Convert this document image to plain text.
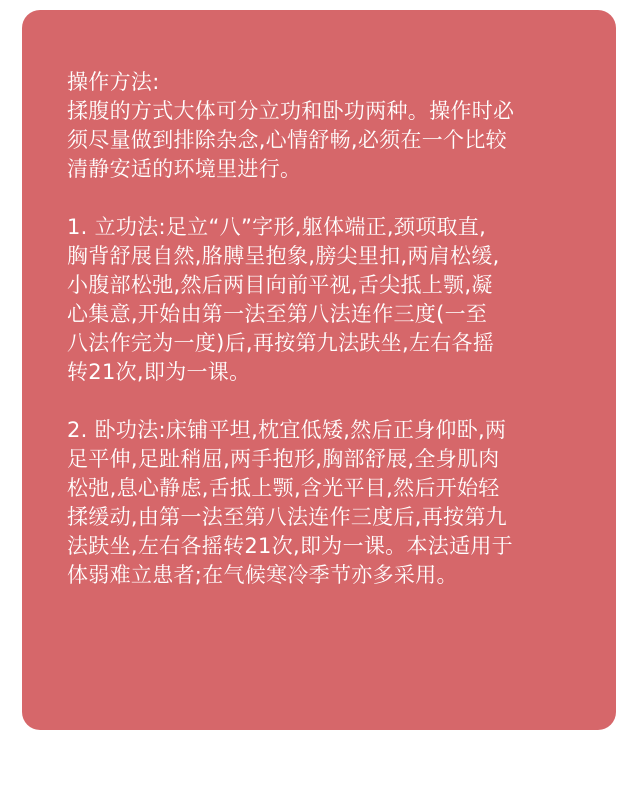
操作方法:

揉腹的方式大体可分立功和卧功两种。操作时必
须尽量做到排除杂念,心情舒畅,必须在一个比较
清静安适的环境里进行。

1. 立功法:足立“八”字形,躯体端正,颈项取直,
胸背舒展自然,胳膊呈抱象,膀尖里扣,两肩松缓,
小腹部松弛,然后两目向前平视,舌尖抵上颚,凝
心集意,开始由第一法至第八法连作三度(一至
八法作完为一度)后,再按第九法趺坐,左右各摇
转21次,即为一课。

2. 卧功法:床铺平坦,枕宜低矮,然后正身仰卧,两
足平伸,足趾稍屈,两手抱形,胸部舒展,全身肌肉
松弛,息心静虑,舌抵上颚,含光平目,然后开始轻
揉缓动,由第一法至第八法连作三度后,再按第九
法趺坐,左右各摇转21次,即为一课。本法适用于
体弱难立患者;在气候寒冷季节亦多采用。
